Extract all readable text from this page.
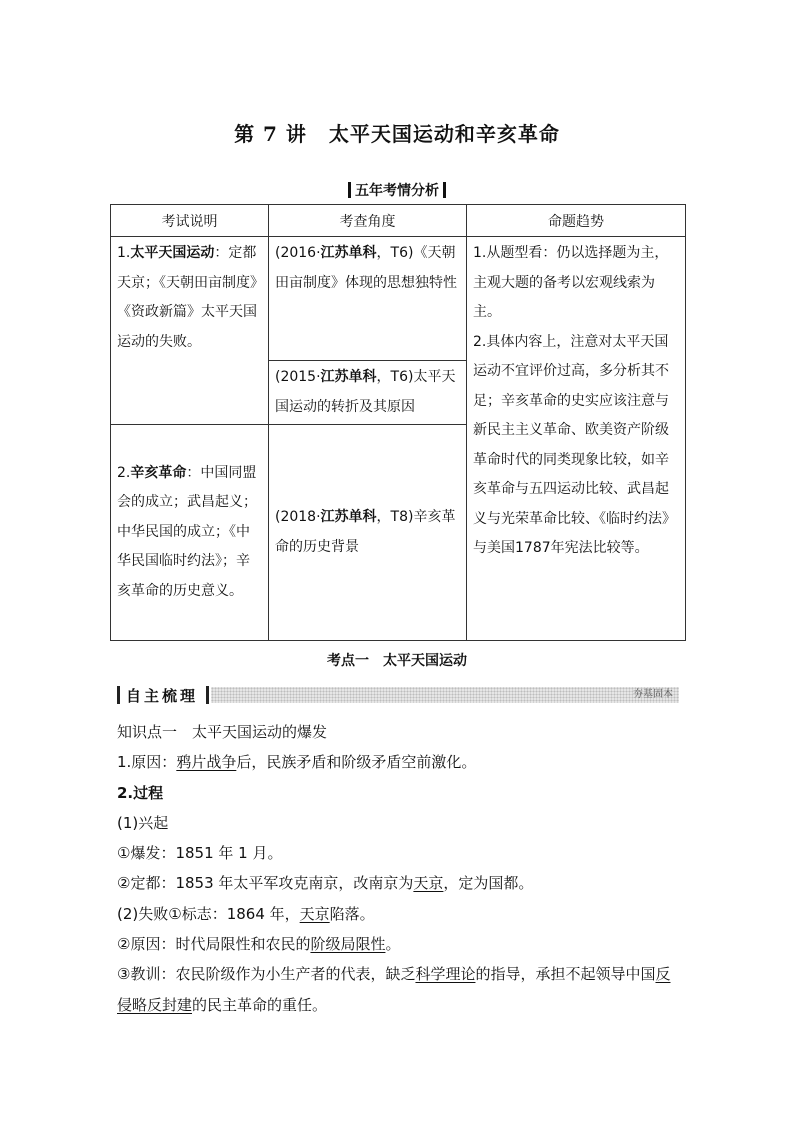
第 7 讲 太平天国运动和辛亥革命
五年考情分析
考试说明	考查角度	命题趋势
1.太平天国运动：定都天京；《天朝田亩制度》《资政新篇》太平天国运动的失败。	(2016·江苏单科，T6)《天朝田亩制度》体现的思想独特性	1.从题型看：仍以选择题为主，主观大题的备考以宏观线索为主。
2.具体内容上，注意对太平天国运动不宜评价过高，多分析其不足；辛亥革命的史实应该注意与新民主主义革命、欧美资产阶级革命时代的同类现象比较，如辛亥革命与五四运动比较、武昌起义与光荣革命比较、《临时约法》与美国1787年宪法比较等。
	(2015·江苏单科，T6)太平天国运动的转折及其原因	
2.辛亥革命：中国同盟会的成立；武昌起义；中华民国的成立；《中华民国临时约法》；辛亥革命的历史意义。	(2018·江苏单科，T8)辛亥革命的历史背景	
考点一 太平天国运动
自主梳理	夯基固本

知识点一　太平天国运动的爆发

1.原因：鸦片战争后，民族矛盾和阶级矛盾空前激化。

2.过程

(1)兴起

①爆发：1851 年 1 月。

②定都：1853 年太平军攻克南京，改南京为天京，定为国都。

(2)失败①标志：1864 年，天京陷落。

②原因：时代局限性和农民的阶级局限性。

③教训：农民阶级作为小生产者的代表，缺乏科学理论的指导，承担不起领导中国反侵略反封建的民主革命的重任。
